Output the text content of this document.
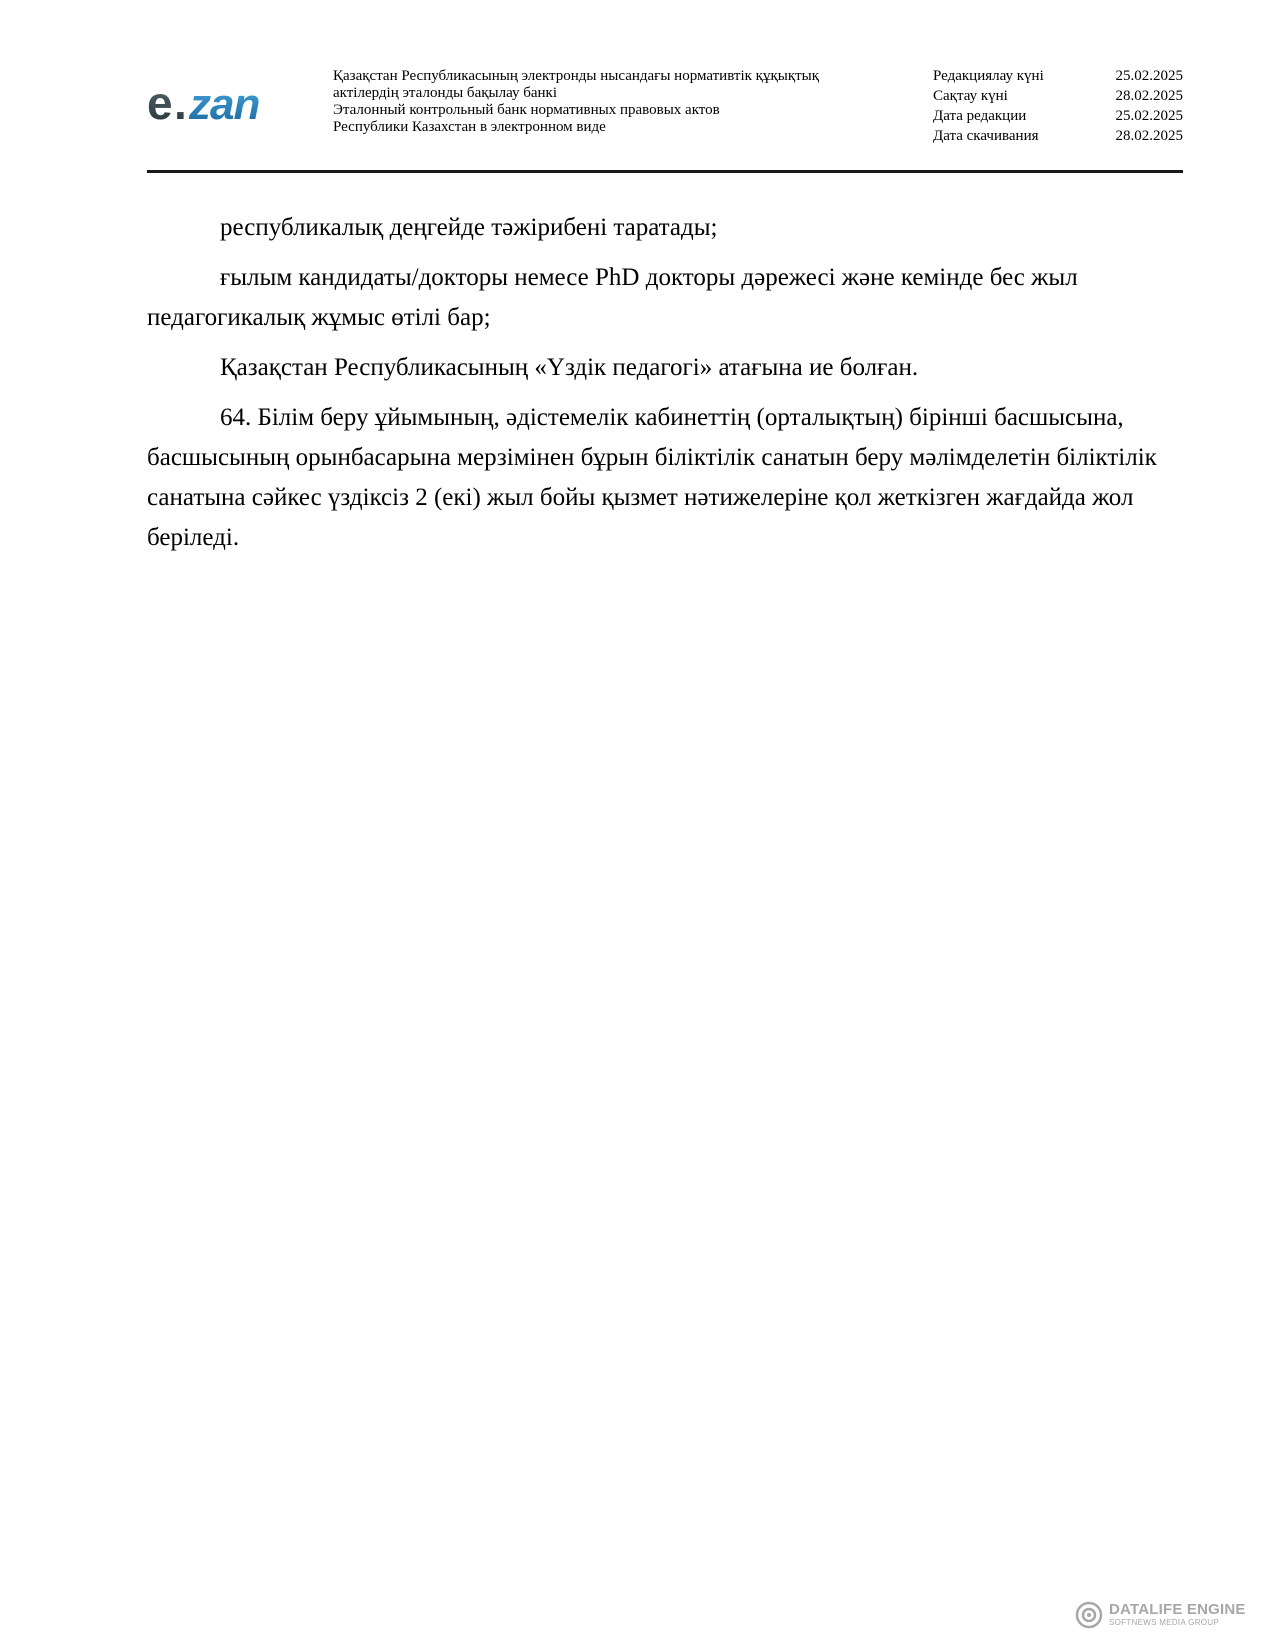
e . zan
Қазақстан Республикасының электронды нысандағы нормативтік құқықтық
актілердің эталонды бақылау банкі
Эталонный контрольный банк нормативных правовых актов
Республики Казахстан в электронном виде
Редакциялау күні	25.02.2025
Сақтау күні	28.02.2025
Дата редакции	25.02.2025
Дата скачивания	28.02.2025

республикалық деңгейде тәжірибені таратады;

ғылым кандидаты/докторы немесе PhD докторы дәрежесі және кемінде бес жыл педагогикалық жұмыс өтілі бар;

Қазақстан Республикасының «Үздік педагогі» атағына ие болған.

64. Білім беру ұйымының, әдістемелік кабинеттің (орталықтың) бірінші басшысына, басшысының орынбасарына мерзімінен бұрын біліктілік санатын беру мәлімделетін біліктілік санатына сәйкес үздіксіз 2 (екі) жыл бойы қызмет нәтижелеріне қол жеткізген жағдайда жол беріледі.

DATALIFE ENGINE
SOFTNEWS MEDIA GROUP
